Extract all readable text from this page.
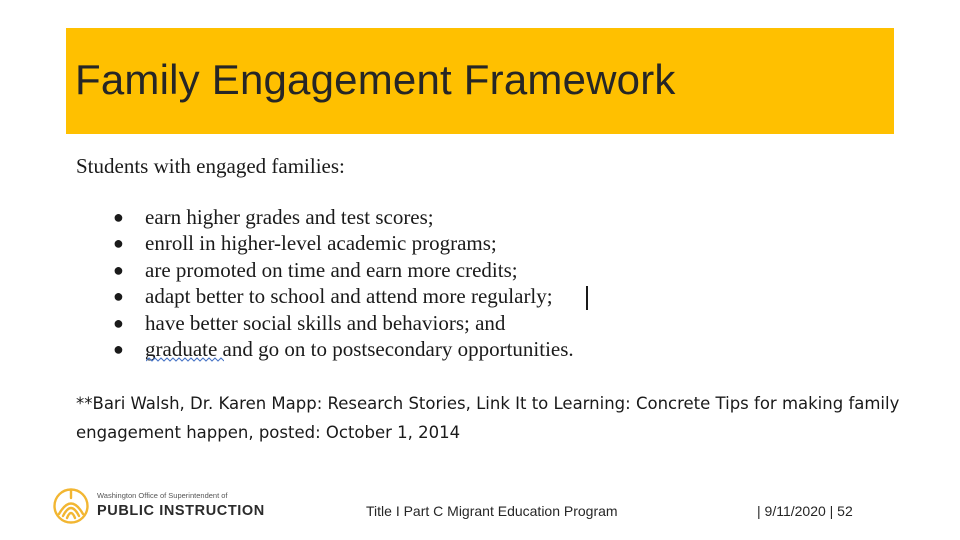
Family Engagement Framework

Students with engaged families:

● earn higher grades and test scores;
● enroll in higher-level academic programs;
● are promoted on time and earn more credits;
● adapt better to school and attend more regularly;
● have better social skills and behaviors; and
● graduate and go on to postsecondary opportunities.

**Bari Walsh, Dr. Karen Mapp: Research Stories, Link It to Learning: Concrete Tips for making family
engagement happen, posted: October 1, 2014

Washington Office of Superintendent of
PUBLIC INSTRUCTION	Title I Part C Migrant Education Program	| 9/11/2020 | 52
